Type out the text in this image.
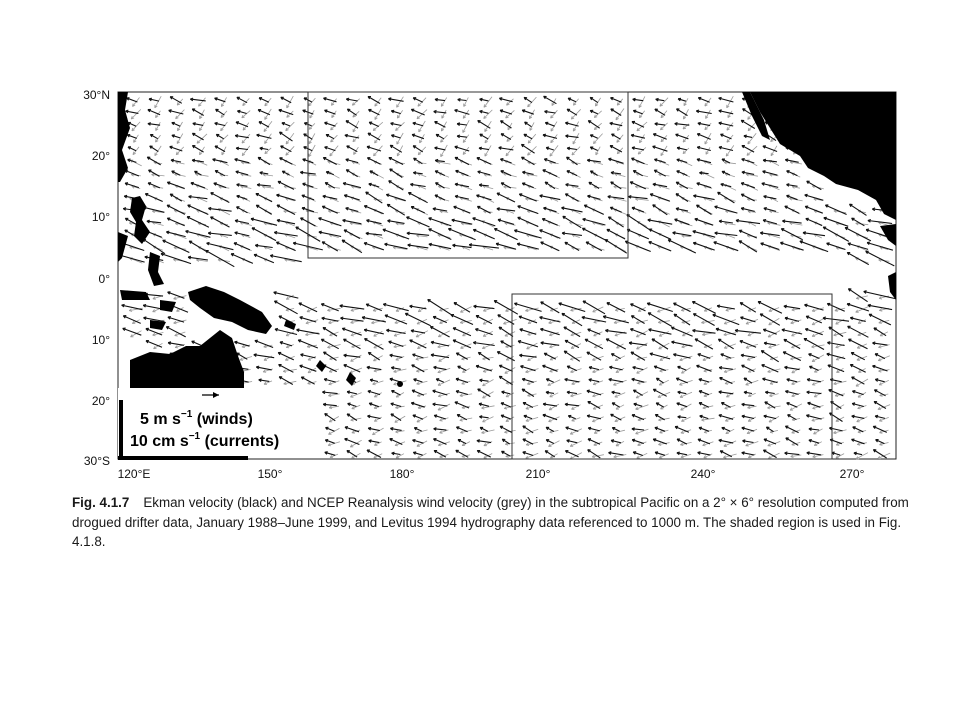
5 m $s^{-1}$ (winds)
10 cm $s^{-1}$ (currents)
30°N
20°
10°
0°
10°
20°
30°S
120°E	150°	180°	210°	240°	270°
Fig. 4.1.7 Ekman velocity (black) and NCEP Reanalysis wind velocity (grey) in the subtropical Pacific on a 2° × 6° resolution computed from drogued drifter data, January 1988–June 1999, and Levitus 1994 hydrography data referenced to 1000 m. The shaded region is used in Fig. 4.1.8.
